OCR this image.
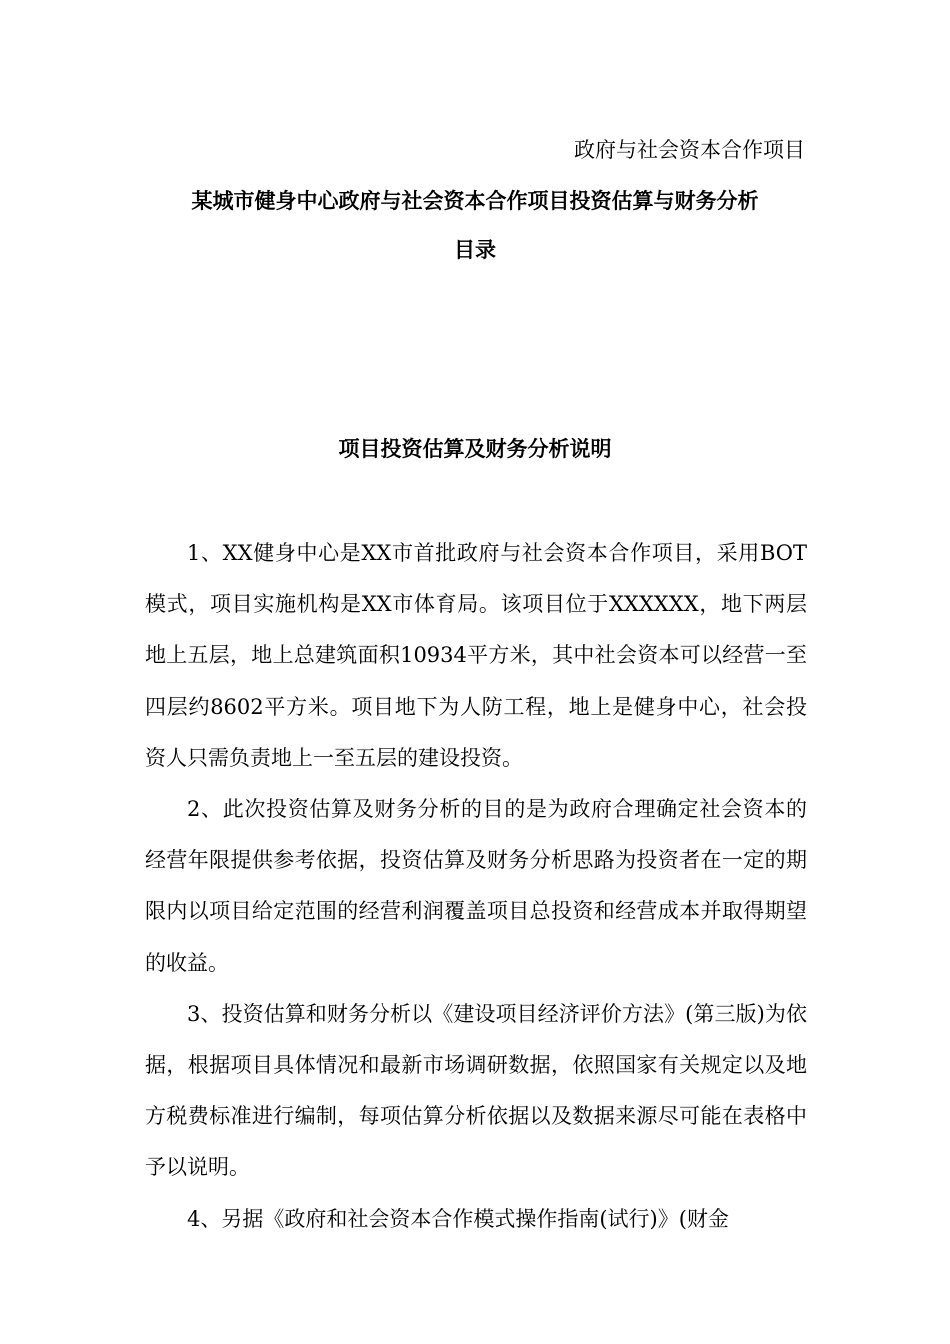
政府与社会资本合作项目
某城市健身中心政府与社会资本合作项目投资估算与财务分析
目录
项目投资估算及财务分析说明

1、XX健身中心是XX市首批政府与社会资本合作项目，采用BOT模式，项目实施机构是XX市体育局。该项目位于XXXXXX，地下两层地上五层，地上总建筑面积10934平方米，其中社会资本可以经营一至四层约8602平方米。项目地下为人防工程，地上是健身中心，社会投资人只需负责地上一至五层的建设投资。

2、此次投资估算及财务分析的目的是为政府合理确定社会资本的经营年限提供参考依据，投资估算及财务分析思路为投资者在一定的期限内以项目给定范围的经营利润覆盖项目总投资和经营成本并取得期望的收益。

3、投资估算和财务分析以《建设项目经济评价方法》(第三版)为依据，根据项目具体情况和最新市场调研数据，依照国家有关规定以及地方税费标准进行编制，每项估算分析依据以及数据来源尽可能在表格中予以说明。

4、另据《政府和社会资本合作模式操作指南(试行)》(财金
